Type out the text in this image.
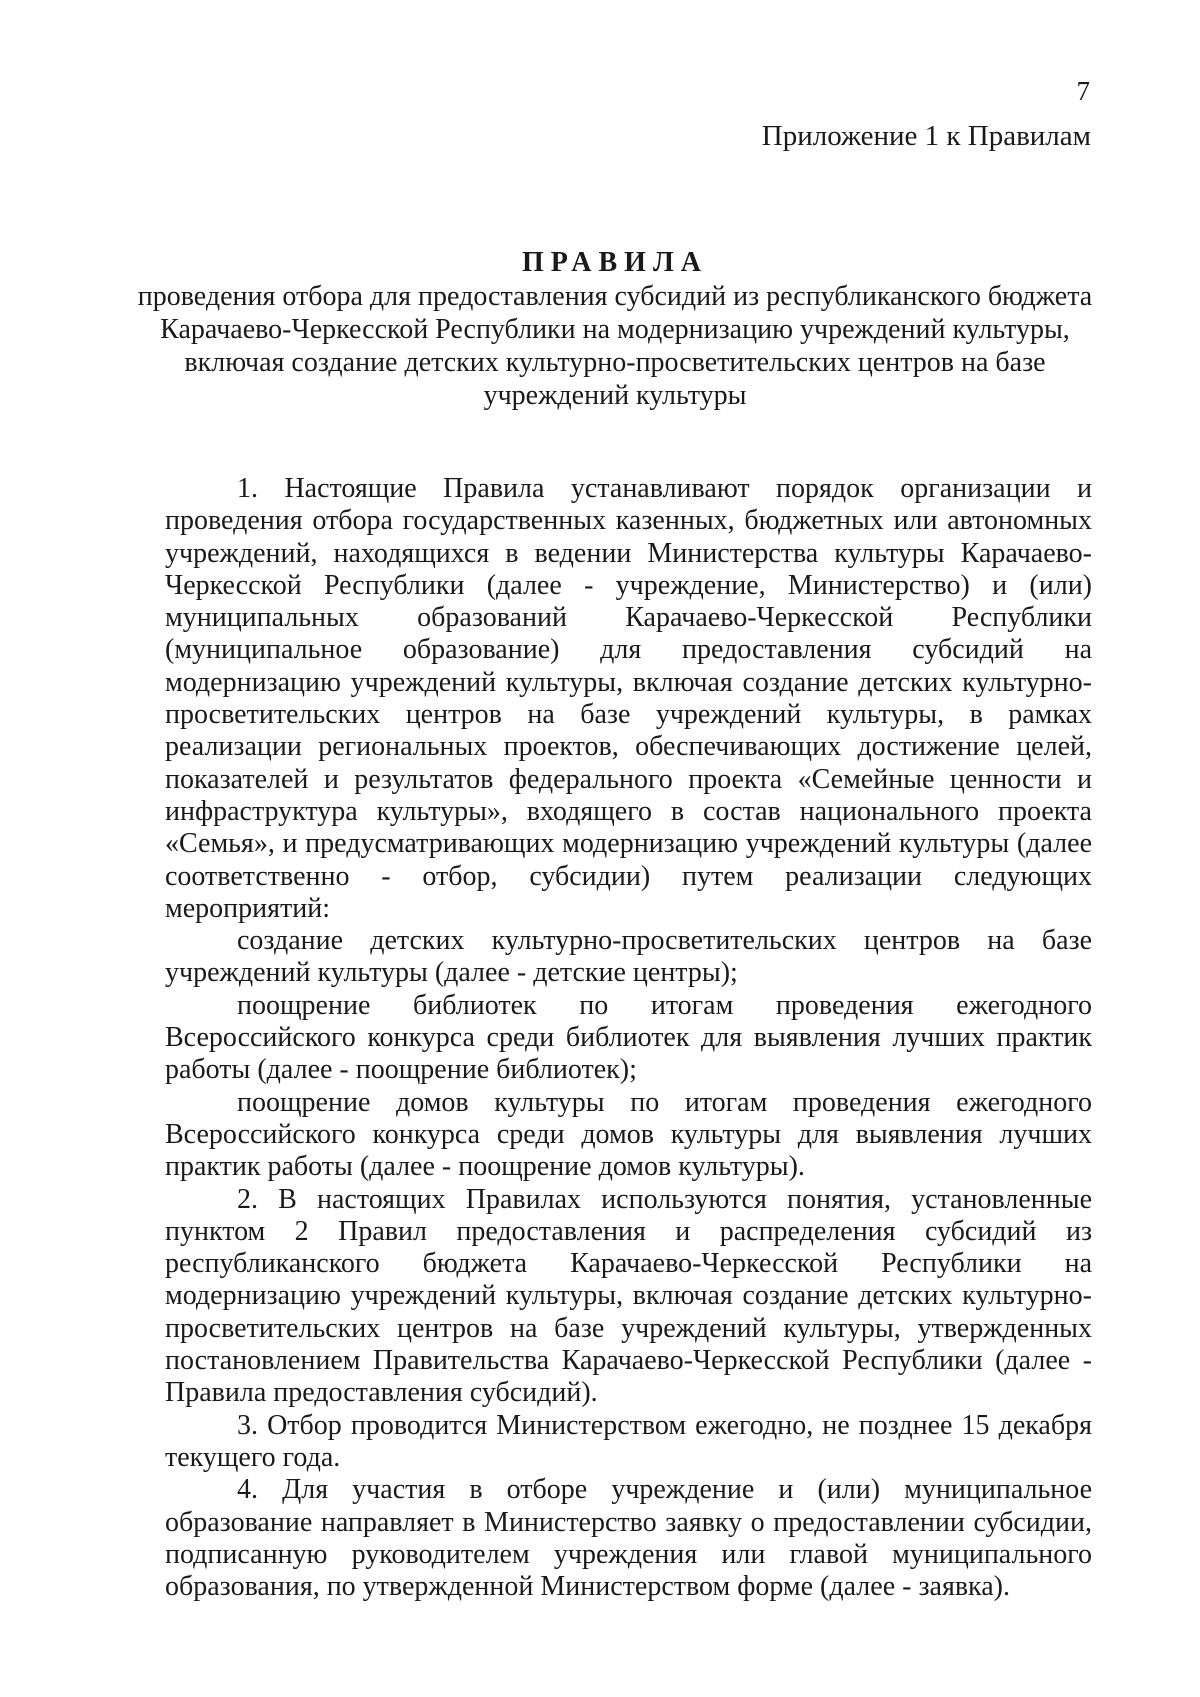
7
Приложение 1 к Правилам

ПРАВИЛА

проведения отбора для предоставления субсидий из республиканского бюджета Карачаево-Черкесской Республики на модернизацию учреждений культуры, включая создание детских культурно-просветительских центров на базе учреждений культуры

1. Настоящие Правила устанавливают порядок организации и проведения отбора государственных казенных, бюджетных или автономных учреждений, находящихся в ведении Министерства культуры Карачаево-Черкесской Республики (далее - учреждение, Министерство) и (или) муниципальных образований Карачаево-Черкесской Республики (муниципальное образование) для предоставления субсидий на модернизацию учреждений культуры, включая создание детских культурно-просветительских центров на базе учреждений культуры, в рамках реализации региональных проектов, обеспечивающих достижение целей, показателей и результатов федерального проекта «Семейные ценности и инфраструктура культуры», входящего в состав национального проекта «Семья», и предусматривающих модернизацию учреждений культуры (далее соответственно - отбор, субсидии) путем реализации следующих мероприятий:

создание детских культурно-просветительских центров на базе учреждений культуры (далее - детские центры);

поощрение библиотек по итогам проведения ежегодного Всероссийского конкурса среди библиотек для выявления лучших практик работы (далее - поощрение библиотек);

поощрение домов культуры по итогам проведения ежегодного Всероссийского конкурса среди домов культуры для выявления лучших практик работы (далее - поощрение домов культуры).

2. В настоящих Правилах используются понятия, установленные пунктом 2 Правил предоставления и распределения субсидий из республиканского бюджета Карачаево-Черкесской Республики на модернизацию учреждений культуры, включая создание детских культурно-просветительских центров на базе учреждений культуры, утвержденных постановлением Правительства Карачаево-Черкесской Республики (далее - Правила предоставления субсидий).

3. Отбор проводится Министерством ежегодно, не позднее 15 декабря текущего года.

4. Для участия в отборе учреждение и (или) муниципальное образование направляет в Министерство заявку о предоставлении субсидии, подписанную руководителем учреждения или главой муниципального образования, по утвержденной Министерством форме (далее - заявка).
